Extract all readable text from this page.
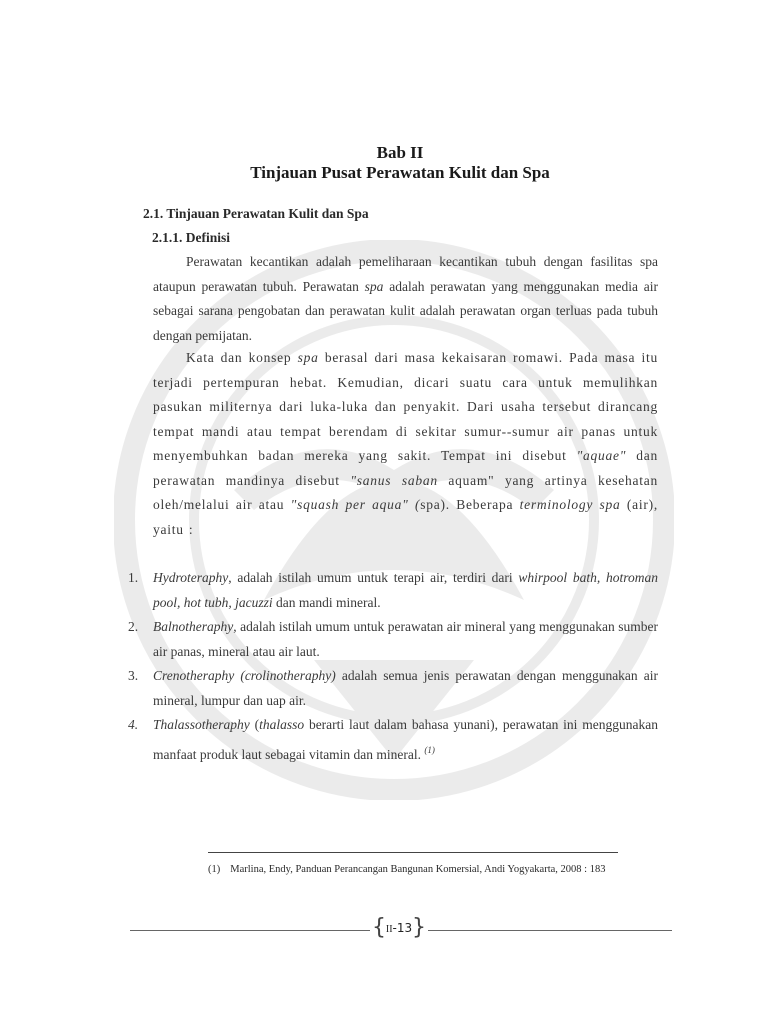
Bab II
Tinjauan Pusat Perawatan Kulit dan Spa
2.1. Tinjauan Perawatan Kulit dan Spa
2.1.1. Definisi
Perawatan kecantikan adalah pemeliharaan kecantikan tubuh dengan fasilitas spa ataupun perawatan tubuh. Perawatan spa adalah perawatan yang menggunakan media air sebagai sarana pengobatan dan perawatan kulit adalah perawatan organ terluas pada tubuh dengan pemijatan.
Kata dan konsep spa berasal dari masa kekaisaran romawi. Pada masa itu terjadi pertempuran hebat. Kemudian, dicari suatu cara untuk memulihkan pasukan militernya dari luka-luka dan penyakit. Dari usaha tersebut dirancang tempat mandi atau tempat berendam di sekitar sumur--sumur air panas untuk menyembuhkan badan mereka yang sakit. Tempat ini disebut "aquae" dan perawatan mandinya disebut "sanus saban aquam" yang artinya kesehatan oleh/melalui air atau "squash per aqua" (spa). Beberapa terminology spa (air), yaitu :
1. Hydroteraphy, adalah istilah umum untuk terapi air, terdiri dari whirpool bath, hotroman pool, hot tubh, jacuzzi dan mandi mineral.
2. Balnotheraphy, adalah istilah umum untuk perawatan air mineral yang menggunakan sumber air panas, mineral atau air laut.
3. Crenotheraphy (crolinotheraphy) adalah semua jenis perawatan dengan menggunakan air mineral, lumpur dan uap air.
4. Thalassotheraphy (thalasso berarti laut dalam bahasa yunani), perawatan ini menggunakan manfaat produk laut sebagai vitamin dan mineral. $^{(1)}$
(1) Marlina, Endy, Panduan Perancangan Bangunan Komersial, Andi Yogyakarta, 2008 : 183
{ II-13 }
